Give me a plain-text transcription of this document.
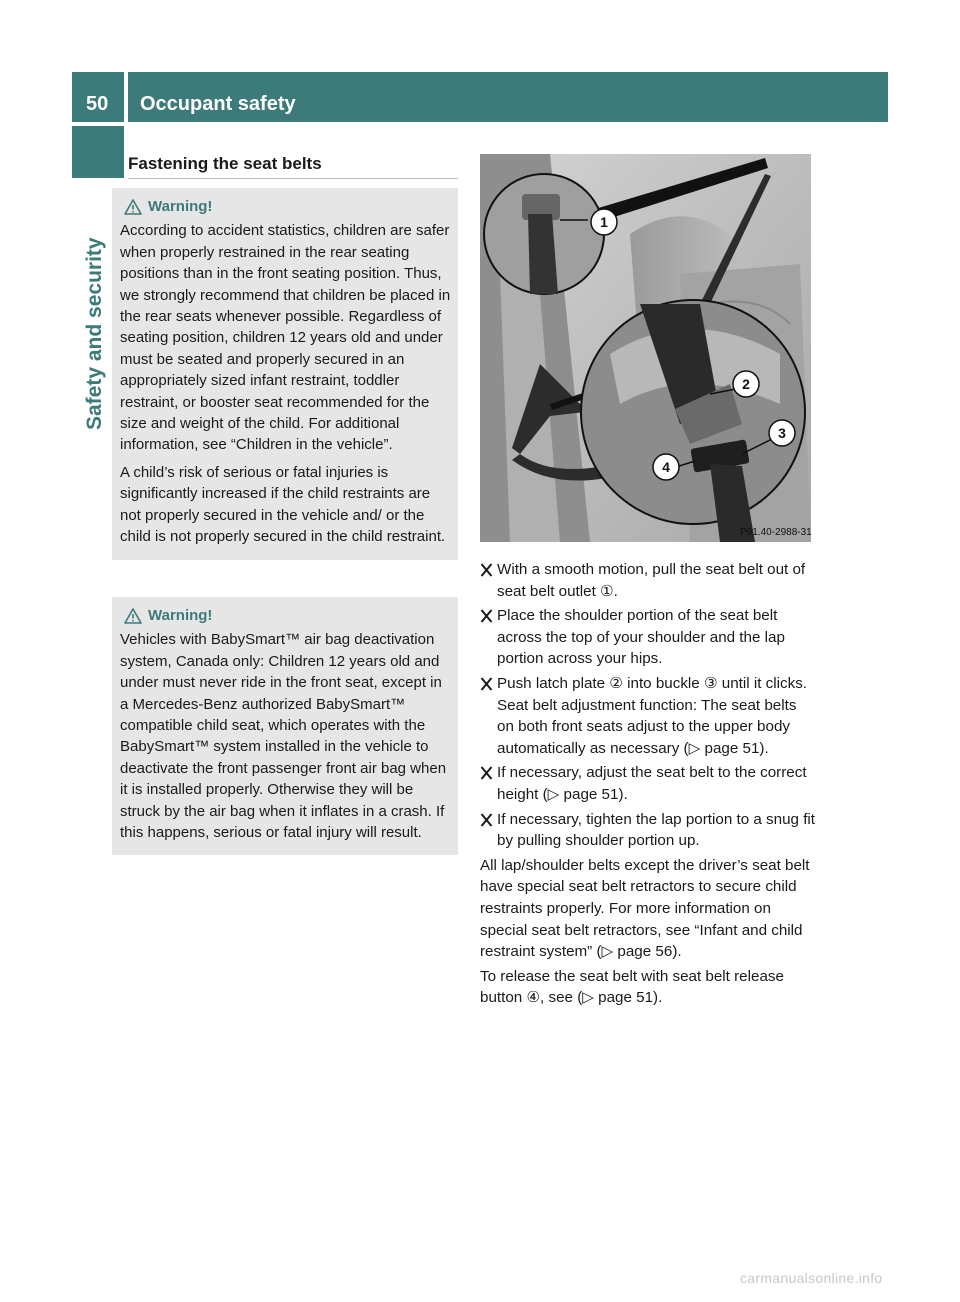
50 Occupant safety
Safety and security
Fastening the seat belts
Warning!

According to accident statistics, children are safer when properly restrained in the rear seating positions than in the front seating position. Thus, we strongly recommend that children be placed in the rear seats whenever possible. Regardless of seating position, children 12 years old and under must be seated and properly secured in an appropriately sized infant restraint, toddler restraint, or booster seat recommended for the size and weight of the child. For additional information, see “Children in the vehicle”.

A child’s risk of serious or fatal injuries is significantly increased if the child restraints are not properly secured in the vehicle and/ or the child is not properly secured in the child restraint.

Warning!

Vehicles with BabySmart™ air bag deactivation system, Canada only: Children 12 years old and under must never ride in the front seat, except in a Mercedes-Benz authorized BabySmart™ compatible child seat, which operates with the BabySmart™ system installed in the vehicle to deactivate the front passenger front air bag when it is installed properly. Otherwise they will be struck by the air bag when it inflates in a crash. If this happens, serious or fatal injury will result.

1
2
3
4
P91.40-2988-31

With a smooth motion, pull the seat belt out of seat belt outlet ①.

Place the shoulder portion of the seat belt across the top of your shoulder and the lap portion across your hips.

Push latch plate ② into buckle ③ until it clicks.

Seat belt adjustment function: The seat belts on both front seats adjust to the upper body automatically as necessary (▷ page 51).

If necessary, adjust the seat belt to the correct height (▷ page 51).

If necessary, tighten the lap portion to a snug fit by pulling shoulder portion up.

All lap/shoulder belts except the driver’s seat belt have special seat belt retractors to secure child restraints properly. For more information on special seat belt retractors, see “Infant and child restraint system” (▷ page 56).

To release the seat belt with seat belt release button ④, see (▷ page 51).

carmanualsonline.info
